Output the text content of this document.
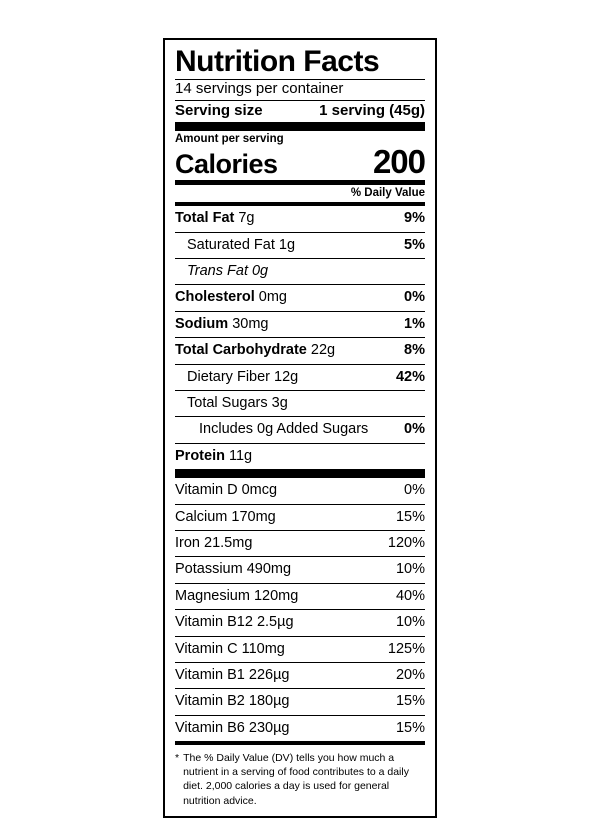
Nutrition Facts
14 servings per container
Serving size	1 serving (45g)
Amount per serving
Calories	200
% Daily Value
Total Fat 7g	9%
Saturated Fat 1g	5%
Trans Fat 0g
Cholesterol 0mg	0%
Sodium 30mg	1%
Total Carbohydrate 22g	8%
Dietary Fiber 12g	42%
Total Sugars 3g
Includes 0g Added Sugars 0%
Protein 11g
Vitamin D 0mcg	0%
Calcium 170mg	15%
Iron 21.5mg	120%
Potassium 490mg	10%
Magnesium 120mg	40%
Vitamin B12 2.5µg	10%
Vitamin C 110mg	125%
Vitamin B1 226µg	20%
Vitamin B2 180µg	15%
Vitamin B6 230µg	15%
* The % Daily Value (DV) tells you how much a nutrient in a serving of food contributes to a daily diet. 2,000 calories a day is used for general nutrition advice.
